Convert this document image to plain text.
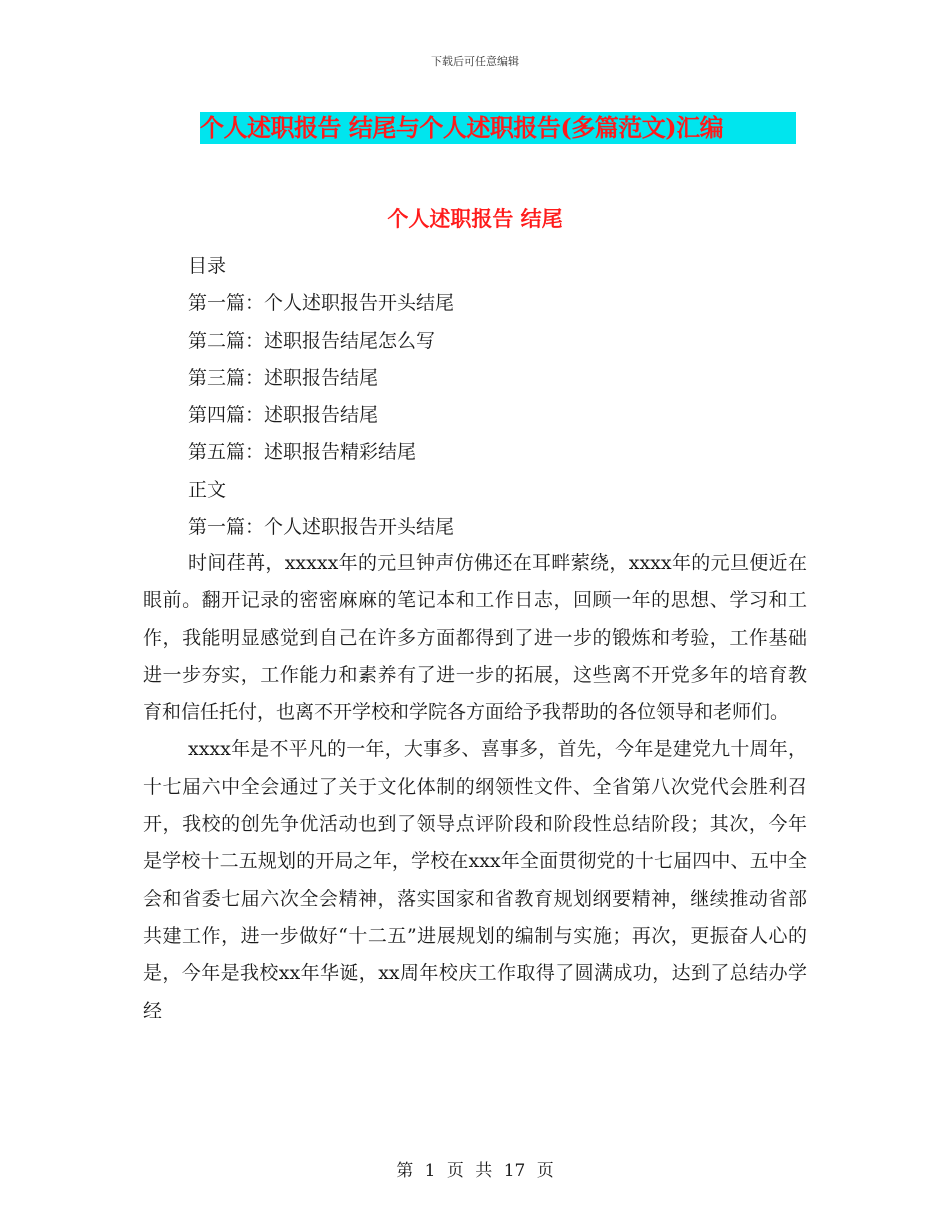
下载后可任意编辑
个人述职报告 结尾与个人述职报告(多篇范文)汇编
个人述职报告 结尾
目录
第一篇：个人述职报告开头结尾
第二篇：述职报告结尾怎么写
第三篇：述职报告结尾
第四篇：述职报告结尾
第五篇：述职报告精彩结尾
正文
第一篇：个人述职报告开头结尾

时间荏苒，xxxxx年的元旦钟声仿佛还在耳畔萦绕，xxxx年的元旦便近在眼前。翻开记录的密密麻麻的笔记本和工作日志，回顾一年的思想、学习和工作，我能明显感觉到自己在许多方面都得到了进一步的锻炼和考验，工作基础进一步夯实，工作能力和素养有了进一步的拓展，这些离不开党多年的培育教育和信任托付，也离不开学校和学院各方面给予我帮助的各位领导和老师们。

xxxx年是不平凡的一年，大事多、喜事多，首先，今年是建党九十周年，十七届六中全会通过了关于文化体制的纲领性文件、全省第八次党代会胜利召开，我校的创先争优活动也到了领导点评阶段和阶段性总结阶段；其次，今年是学校十二五规划的开局之年，学校在xxx年全面贯彻党的十七届四中、五中全会和省委七届六次全会精神，落实国家和省教育规划纲要精神，继续推动省部共建工作，进一步做好“十二五”进展规划的编制与实施；再次，更振奋人心的是，今年是我校xx年华诞，xx周年校庆工作取得了圆满成功，达到了总结办学经

第 1 页 共 17 页
